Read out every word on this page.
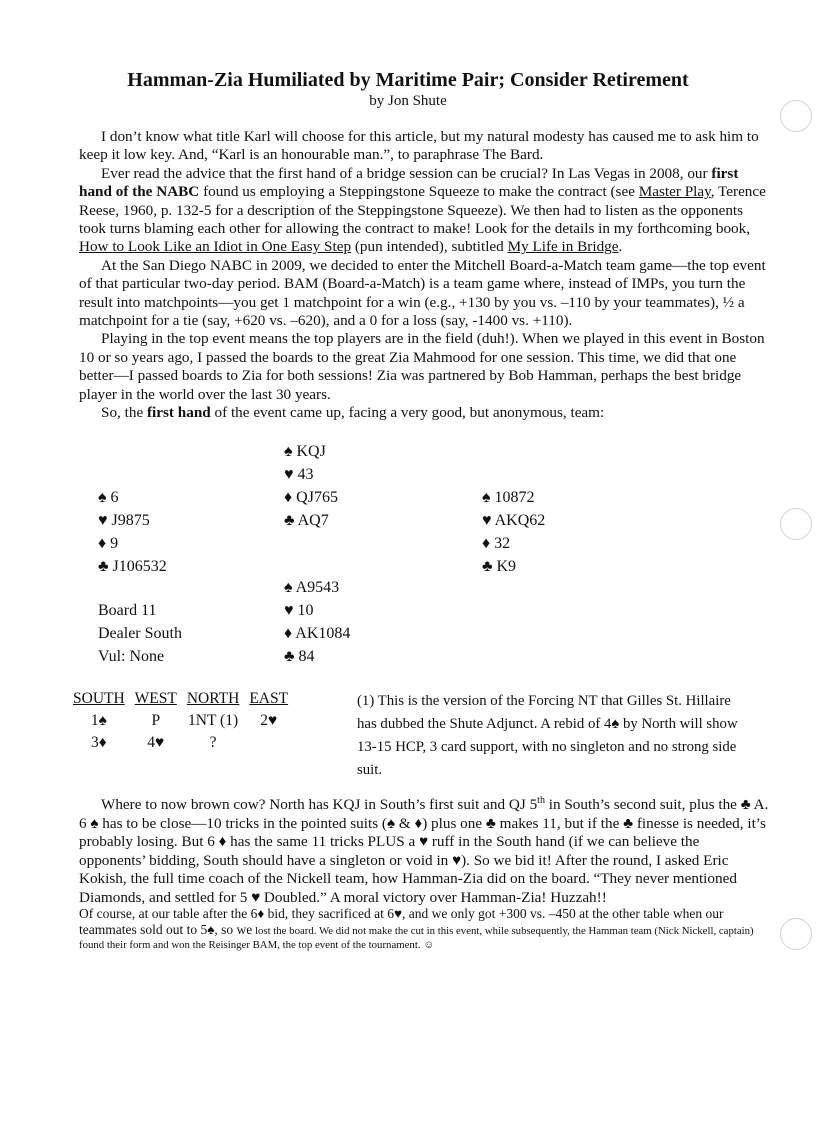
Hamman-Zia Humiliated by Maritime Pair; Consider Retirement
by Jon Shute

I don’t know what title Karl will choose for this article, but my natural modesty has caused me to ask him to keep it low key. And, “Karl is an honourable man.”, to paraphrase The Bard.

Ever read the advice that the first hand of a bridge session can be crucial? In Las Vegas in 2008, our first hand of the NABC found us employing a Steppingstone Squeeze to make the contract (see Master Play, Terence Reese, 1960, p. 132-5 for a description of the Steppingstone Squeeze). We then had to listen as the opponents took turns blaming each other for allowing the contract to make! Look for the details in my forthcoming book, How to Look Like an Idiot in One Easy Step (pun intended), subtitled My Life in Bridge.

At the San Diego NABC in 2009, we decided to enter the Mitchell Board-a-Match team game—the top event of that particular two-day period. BAM (Board-a-Match) is a team game where, instead of IMPs, you turn the result into matchpoints—you get 1 matchpoint for a win (e.g., +130 by you vs. –110 by your teammates), ½ a matchpoint for a tie (say, +620 vs. –620), and a 0 for a loss (say, -1400 vs. +110).

Playing in the top event means the top players are in the field (duh!). When we played in this event in Boston 10 or so years ago, I passed the boards to the great Zia Mahmood for one session. This time, we did that one better—I passed boards to Zia for both sessions! Zia was partnered by Bob Hamman, perhaps the best bridge player in the world over the last 30 years.

So, the first hand of the event came up, facing a very good, but anonymous, team:

♠ KQJ
♥ 43
♦ QJ765
♣ AQ7
♠ 6
♥ J9875
♦ 9
♣ J106532
♠ 10872
♥ AKQ62
♦ 32
♣ K9
♠ A9543
♥ 10
♦ AK1084
♣ 84
Board 11
Dealer South
Vul: None
SOUTH	WEST	NORTH	EAST
1♠	P	1NT (1)	2♥
3♦	4♥	?	
(1) This is the version of the Forcing NT that Gilles St. Hillaire has dubbed the Shute Adjunct. A rebid of 4♠ by North will show 13-15 HCP, 3 card support, with no singleton and no strong side suit.

Where to now brown cow? North has KQJ in South’s first suit and QJ 5th in South’s second suit, plus the ♣ A. 6 ♠ has to be close—10 tricks in the pointed suits (♠ & ♦) plus one ♣ makes 11, but if the ♣ finesse is needed, it’s probably losing. But 6 ♦ has the same 11 tricks PLUS a ♥ ruff in the South hand (if we can believe the opponents’ bidding, South should have a singleton or void in ♥). So we bid it! After the round, I asked Eric Kokish, the full time coach of the Nickell team, how Hamman-Zia did on the board. “They never mentioned Diamonds, and settled for 5 ♥ Doubled.” A moral victory over Hamman-Zia! Huzzah!!

Of course, at our table after the 6♦ bid, they sacrificed at 6♥, and we only got +300 vs. –450 at the other table when our teammates sold out to 5♠, so we lost the board. We did not make the cut in this event, while subsequently, the Hamman team (Nick Nickell, captain) found their form and won the Reisinger BAM, the top event of the tournament. ☺
